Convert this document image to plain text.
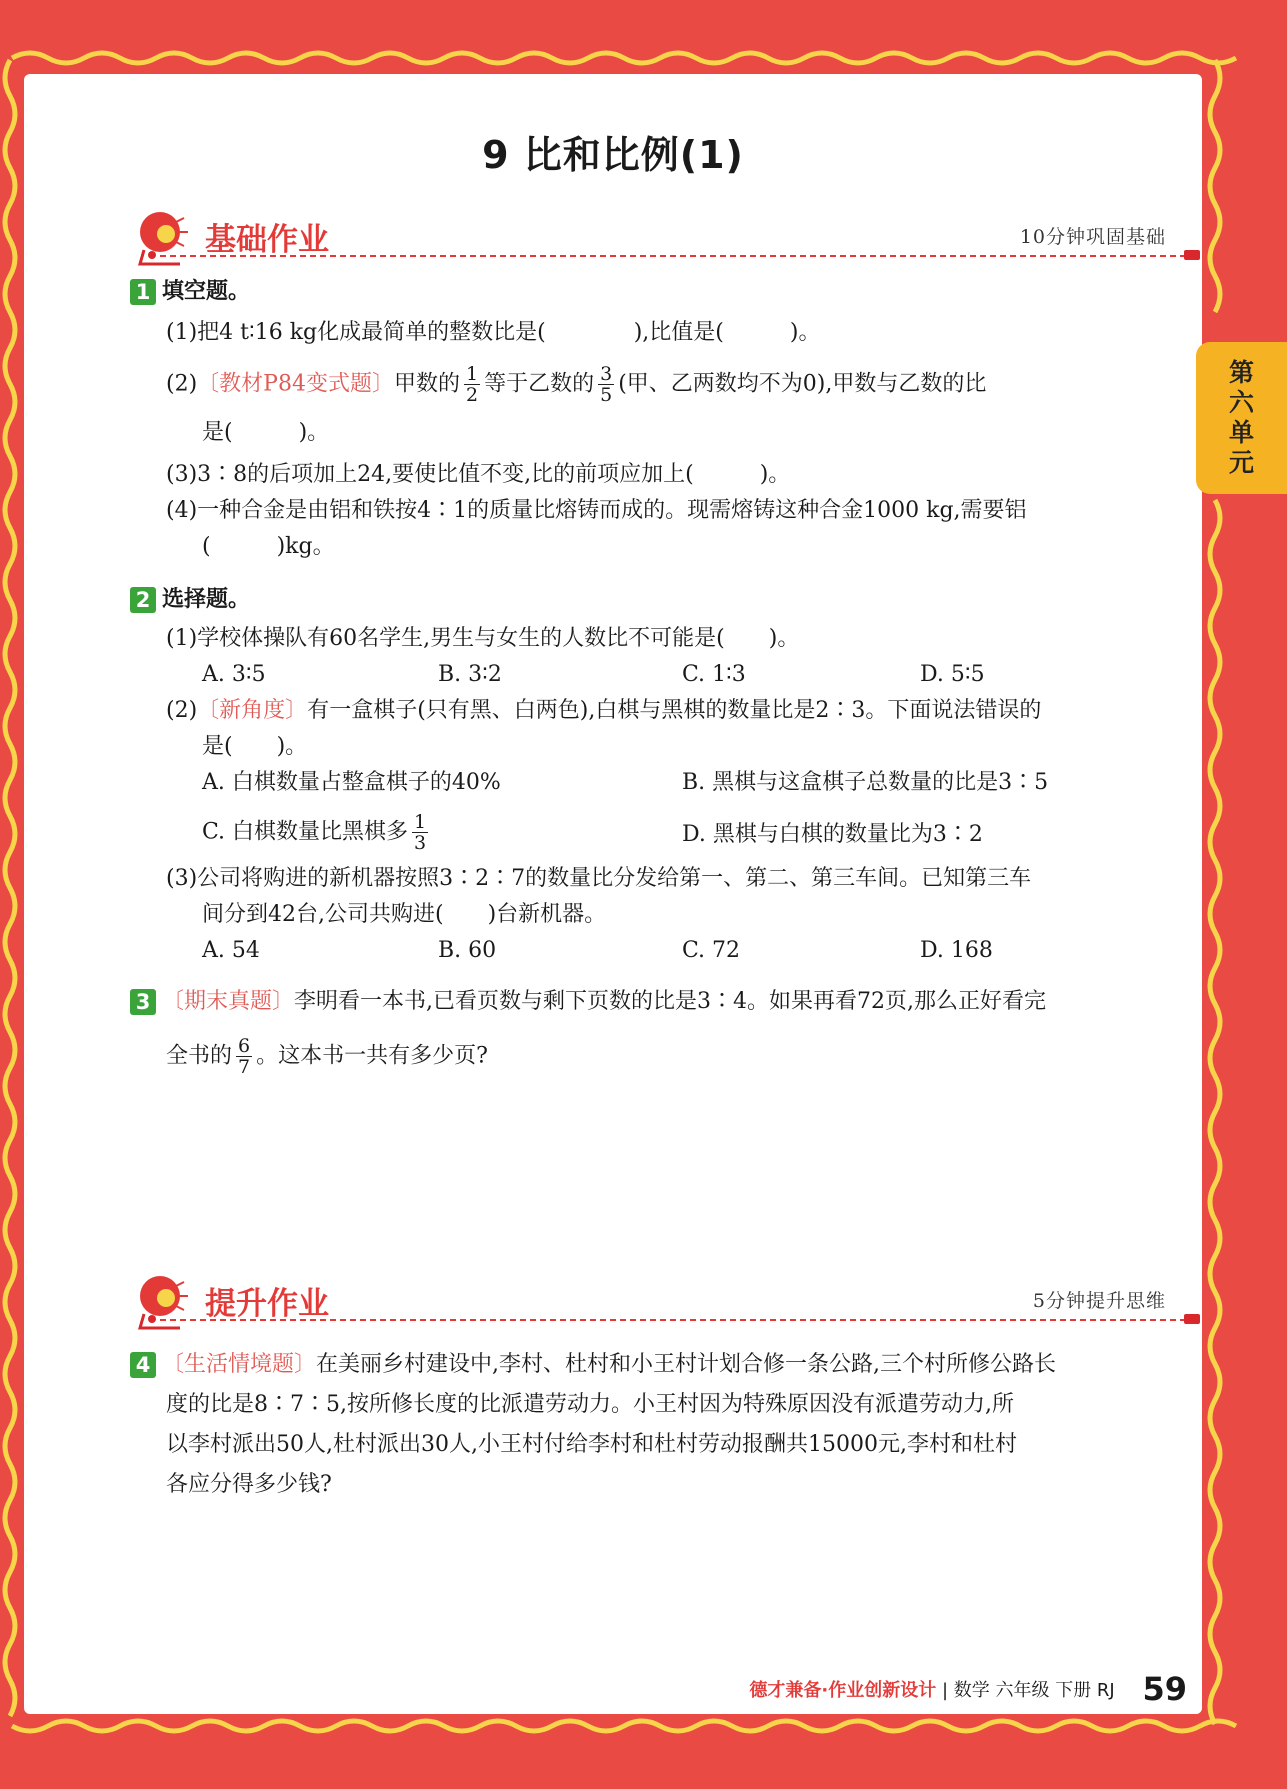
9 比和比例(1)
基础作业	10分钟巩固基础
1 填空题。
(1)把4 t∶16 kg化成最简单的整数比是(　　　　),比值是(　　　)。
(2)〔教材P84变式题〕甲数的 $\frac{1}{2}$ 等于乙数的 $\frac{3}{5}$ (甲、乙两数均不为0),甲数与乙数的比
是(　　　)。
(3)3∶8的后项加上24,要使比值不变,比的前项应加上(　　　)。
(4)一种合金是由铝和铁按4∶1的质量比熔铸而成的。现需熔铸这种合金1000 kg,需要铝
(　　　)kg。
2 选择题。
(1)学校体操队有60名学生,男生与女生的人数比不可能是(　　)。
A. 3∶5	B. 3∶2	C. 1∶3	D. 5∶5
(2)〔新角度〕有一盒棋子(只有黑、白两色),白棋与黑棋的数量比是2∶3。下面说法错误的
是(　　)。
A. 白棋数量占整盒棋子的40%	B. 黑棋与这盒棋子总数量的比是3∶5
C. 白棋数量比黑棋多 $\frac{1}{3}$	D. 黑棋与白棋的数量比为3∶2
(3)公司将购进的新机器按照3∶2∶7的数量比分发给第一、第二、第三车间。已知第三车
间分到42台,公司共购进(　　)台新机器。
A. 54	B. 60	C. 72	D. 168
3 〔期末真题〕李明看一本书,已看页数与剩下页数的比是3∶4。如果再看72页,那么正好看完
全书的 $\frac{6}{7}$ 。这本书一共有多少页?
提升作业	5分钟提升思维
4 〔生活情境题〕在美丽乡村建设中,李村、杜村和小王村计划合修一条公路,三个村所修公路长
度的比是8∶7∶5,按所修长度的比派遣劳动力。小王村因为特殊原因没有派遣劳动力,所
以李村派出50人,杜村派出30人,小王村付给李村和杜村劳动报酬共15000元,李村和杜村
各应分得多少钱?
第
六
单
元
德才兼备·作业创新设计 | 数学 六年级 下册 RJ 59
